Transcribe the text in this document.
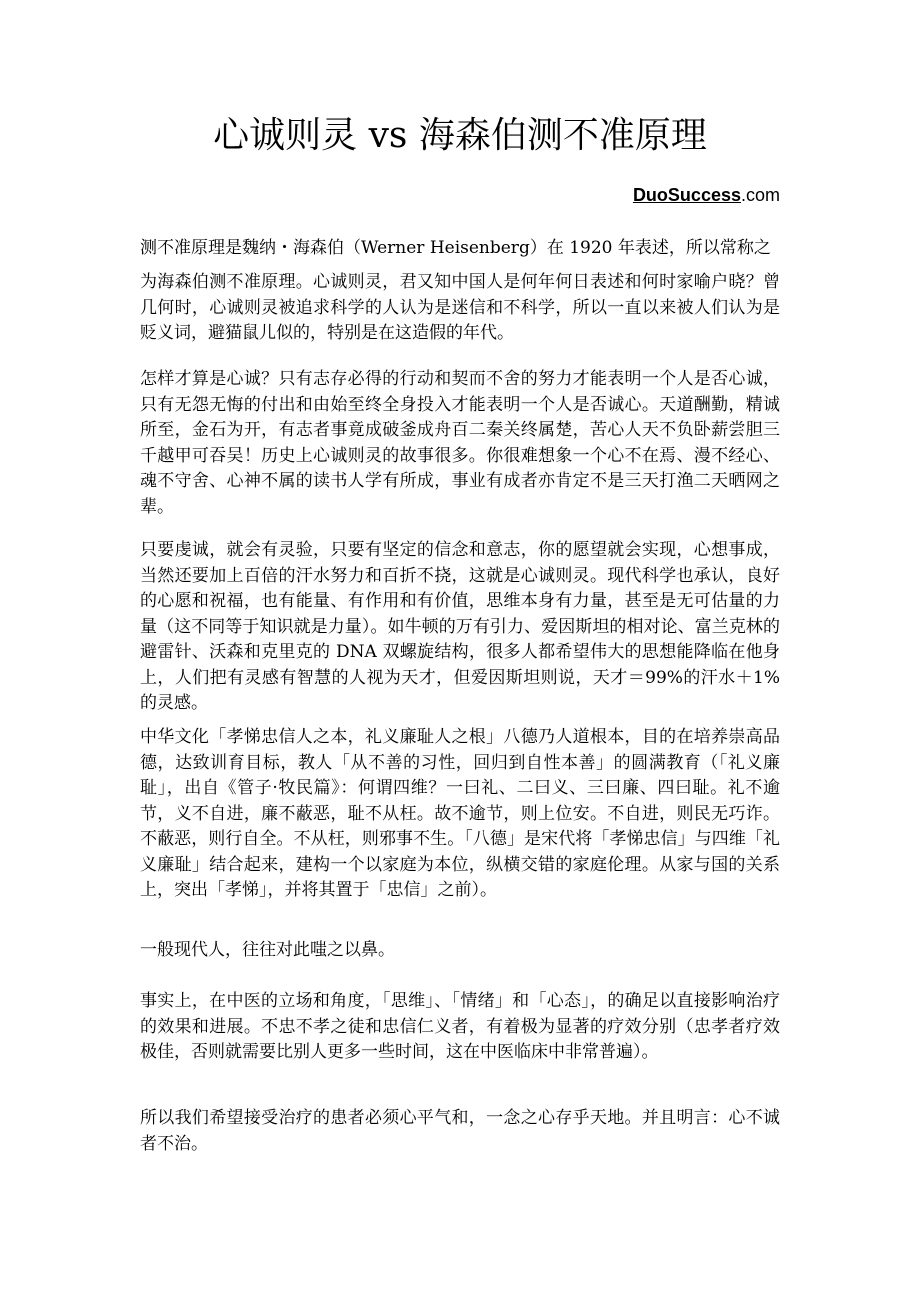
心诚则灵 vs 海森伯测不准原理
DuoSuccess.com

测不准原理是魏纳・海森伯（Werner Heisenberg）在 1920 年表述，所以常称之

为海森伯测不准原理。心诚则灵，君又知中国人是何年何日表述和何时家喻户晓？曾几何时，心诚则灵被追求科学的人认为是迷信和不科学，所以一直以来被人们认为是贬义词，避猫鼠儿似的，特别是在这造假的年代。

怎样才算是心诚？只有志存必得的行动和契而不舍的努力才能表明一个人是否心诚，只有无怨无悔的付出和由始至终全身投入才能表明一个人是否诚心。天道酬勤，精诚所至，金石为开，有志者事竟成破釜成舟百二秦关终属楚，苦心人天不负卧薪尝胆三千越甲可吞吴！历史上心诚则灵的故事很多。你很难想象一个心不在焉、漫不经心、魂不守舍、心神不属的读书人学有所成，事业有成者亦肯定不是三天打渔二天晒网之辈。

只要虔诚，就会有灵验，只要有坚定的信念和意志，你的愿望就会实现，心想事成，当然还要加上百倍的汗水努力和百折不挠，这就是心诚则灵。现代科学也承认，良好的心愿和祝福，也有能量、有作用和有价值，思维本身有力量，甚至是无可估量的力量（这不同等于知识就是力量）。如牛顿的万有引力、爱因斯坦的相对论、富兰克林的避雷针、沃森和克里克的 DNA 双螺旋结构，很多人都希望伟大的思想能降临在他身上，人们把有灵感有智慧的人视为天才，但爱因斯坦则说，天才＝99%的汗水＋1%的灵感。

中华文化「孝悌忠信人之本，礼义廉耻人之根」八德乃人道根本，目的在培养崇高品德，达致训育目标，教人「从不善的习性，回归到自性本善」的圆满教育（「礼义廉耻」，出自《管子·牧民篇》：何谓四维？一曰礼、二曰义、三曰廉、四曰耻。礼不逾节，义不自进，廉不蔽恶，耻不从枉。故不逾节，则上位安。不自进，则民无巧诈。不蔽恶，则行自全。不从枉，则邪事不生。「八德」是宋代将「孝悌忠信」与四维「礼义廉耻」结合起来，建构一个以家庭为本位，纵横交错的家庭伦理。从家与国的关系上，突出「孝悌」，并将其置于「忠信」之前）。

一般现代人，往往对此嗤之以鼻。

事实上，在中医的立场和角度，「思维」、「情绪」和「心态」，的确足以直接影响治疗的效果和进展。不忠不孝之徒和忠信仁义者，有着极为显著的疗效分别（忠孝者疗效极佳，否则就需要比别人更多一些时间，这在中医临床中非常普遍）。

所以我们希望接受治疗的患者必须心平气和，一念之心存乎天地。并且明言：心不诚者不治。
